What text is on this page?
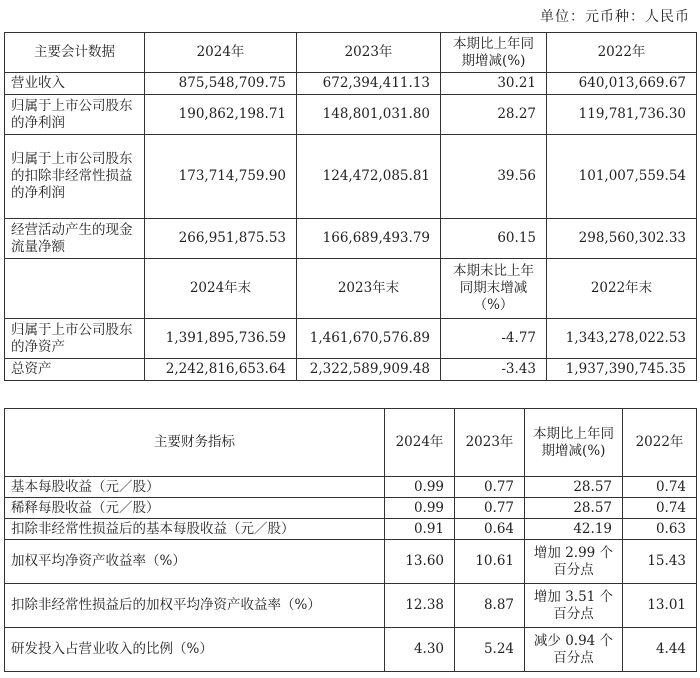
单位：元币种：人民币
主要会计数据	2024年	2023年	本期比上年同期增减(%)	2022年
营业收入	875,548,709.75	672,394,411.13	30.21	640,013,669.67
归属于上市公司股东的净利润	190,862,198.71	148,801,031.80	28.27	119,781,736.30
归属于上市公司股东的扣除非经常性损益的净利润	173,714,759.90	124,472,085.81	39.56	101,007,559.54
经营活动产生的现金流量净额	266,951,875.53	166,689,493.79	60.15	298,560,302.33
	2024年末	2023年末	本期末比上年同期末增减（%）	2022年末
归属于上市公司股东的净资产	1,391,895,736.59	1,461,670,576.89	-4.77	1,343,278,022.53
总资产	2,242,816,653.64	2,322,589,909.48	-3.43	1,937,390,745.35
主要财务指标	2024年	2023年	本期比上年同期增减(%)	2022年
基本每股收益（元／股）	0.99	0.77	28.57	0.74
稀释每股收益（元／股）	0.99	0.77	28.57	0.74
扣除非经常性损益后的基本每股收益（元／股）	0.91	0.64	42.19	0.63
加权平均净资产收益率（%）	13.60	10.61	增加 2.99 个百分点	15.43
扣除非经常性损益后的加权平均净资产收益率（%）	12.38	8.87	增加 3.51 个百分点	13.01
研发投入占营业收入的比例（%）	4.30	5.24	减少 0.94 个百分点	4.44
